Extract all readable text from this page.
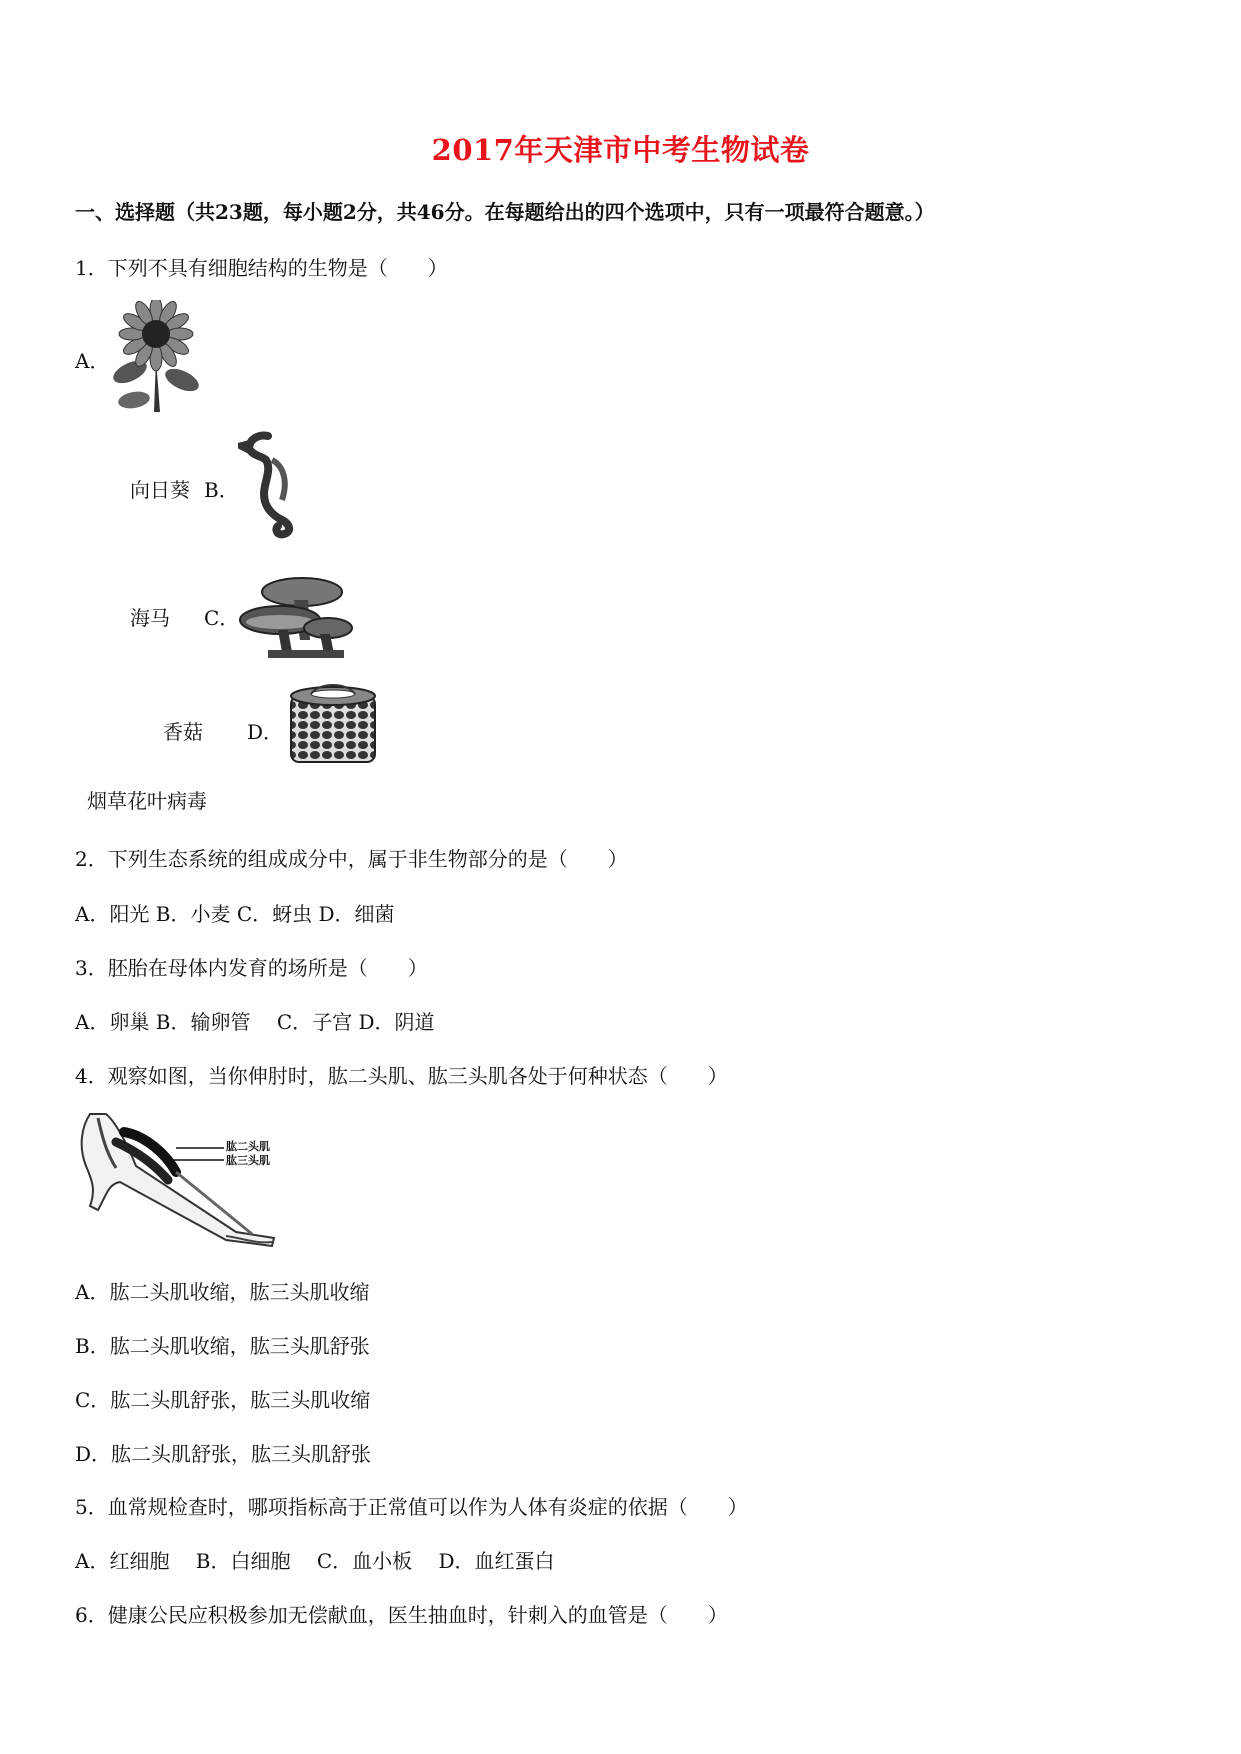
2017年天津市中考生物试卷
一、选择题（共23题，每小题2分，共46分。在每题给出的四个选项中，只有一项最符合题意。）
1．下列不具有细胞结构的生物是（　　）
A．
向日葵 B．
海马 C．
香菇 D．
烟草花叶病毒
2．下列生态系统的组成成分中，属于非生物部分的是（　　）
A．阳光 B．小麦 C．蚜虫 D．细菌
3．胚胎在母体内发育的场所是（　　）
A．卵巢 B．输卵管　 C．子宫 D．阴道
4．观察如图，当你伸肘时，肱二头肌、肱三头肌各处于何种状态（　　）
肱二头肌
肱三头肌
A．肱二头肌收缩，肱三头肌收缩
B．肱二头肌收缩，肱三头肌舒张
C．肱二头肌舒张，肱三头肌收缩
D．肱二头肌舒张，肱三头肌舒张
5．血常规检查时，哪项指标高于正常值可以作为人体有炎症的依据（　　）
A．红细胞　 B．白细胞　 C．血小板　 D．血红蛋白
6．健康公民应积极参加无偿献血，医生抽血时，针刺入的血管是（　　）
